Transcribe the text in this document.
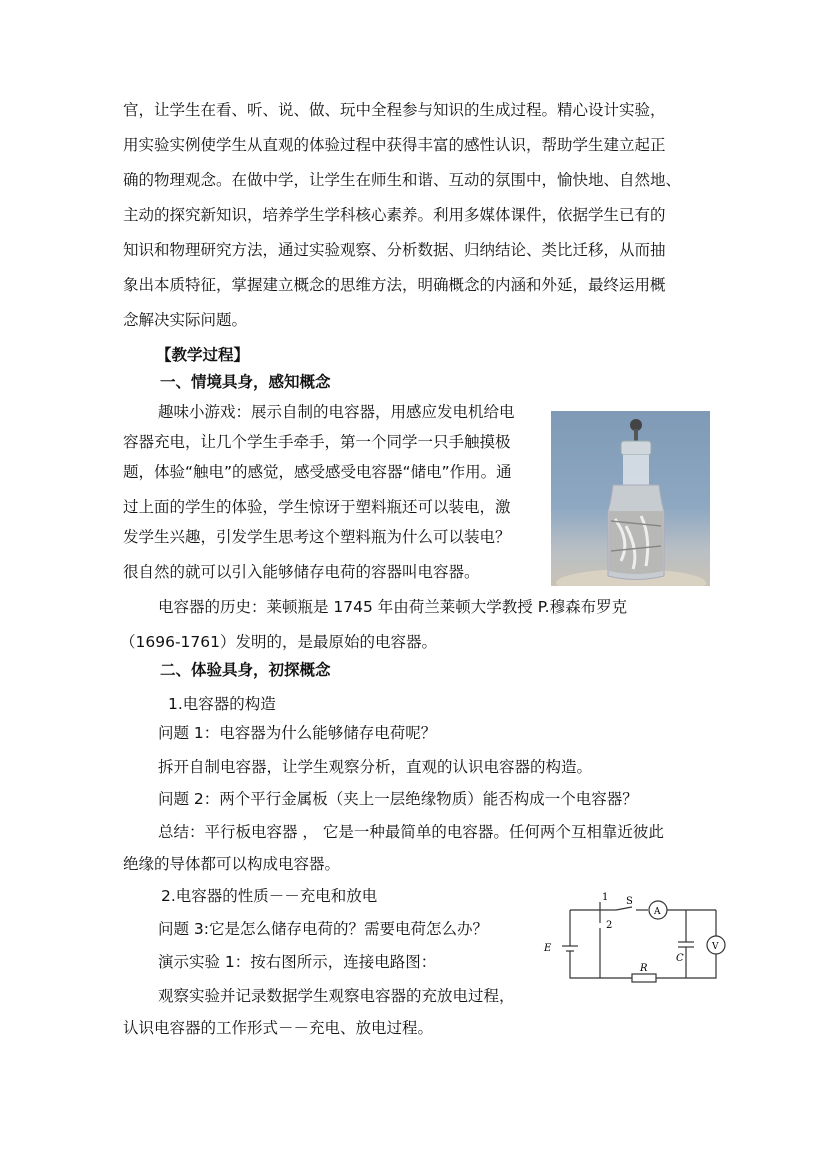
官，让学生在看、听、说、做、玩中全程参与知识的生成过程。精心设计实验，
用实验实例使学生从直观的体验过程中获得丰富的感性认识，帮助学生建立起正
确的物理观念。在做中学，让学生在师生和谐、互动的氛围中，愉快地、自然地、
主动的探究新知识，培养学生学科核心素养。利用多媒体课件，依据学生已有的
知识和物理研究方法，通过实验观察、分析数据、归纳结论、类比迁移，从而抽
象出本质特征，掌握建立概念的思维方法，明确概念的内涵和外延，最终运用概
念解决实际问题。
【教学过程】
一、情境具身，感知概念
趣味小游戏：展示自制的电容器，用感应发电机给电
容器充电，让几个学生手牵手，第一个同学一只手触摸极
题，体验“触电”的感觉，感受感受电容器“储电”作用。通
过上面的学生的体验，学生惊讶于塑料瓶还可以装电，激
发学生兴趣，引发学生思考这个塑料瓶为什么可以装电？
很自然的就可以引入能够储存电荷的容器叫电容器。
电容器的历史：莱顿瓶是 1745 年由荷兰莱顿大学教授 P.穆森布罗克
（1696-1761）发明的，是最原始的电容器。
二、体验具身，初探概念
1.电容器的构造
问题 1：电容器为什么能够储存电荷呢？
拆开自制电容器，让学生观察分析，直观的认识电容器的构造。
问题 2：两个平行金属板（夹上一层绝缘物质）能否构成一个电容器？
总结：平行板电容器 ， 它是一种最简单的电容器。任何两个互相靠近彼此
绝缘的导体都可以构成电容器。
2.电容器的性质－－充电和放电
问题 3:它是怎么储存电荷的？需要电荷怎么办？
演示实验 1：按右图所示，连接电路图：
观察实验并记录数据学生观察电容器的充放电过程，
认识电容器的工作形式－－充电、放电过程。
1
2
S
A
V
E
C
R
